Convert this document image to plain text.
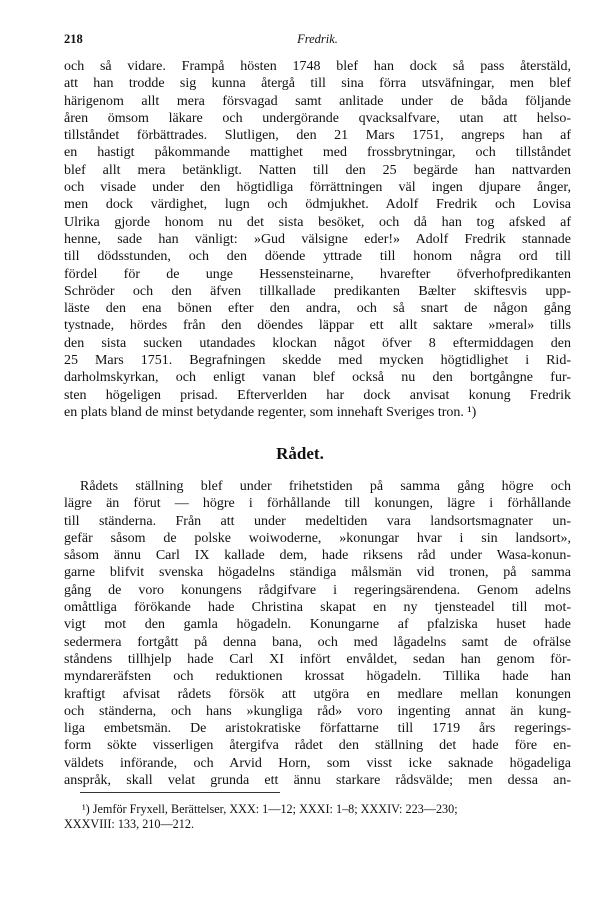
218	Fredrik.
och så vidare. Frampå hösten 1748 blef han dock så pass återstäld,
att han trodde sig kunna återgå till sina förra utsväfningar, men blef
härigenom allt mera försvagad samt anlitade under de båda följande
åren ömsom läkare och undergörande qvacksalfvare, utan att helso-
tillståndet förbättrades. Slutligen, den 21 Mars 1751, angreps han af
en hastigt påkommande mattighet med frossbrytningar, och tillståndet
blef allt mera betänkligt. Natten till den 25 begärde han nattvarden
och visade under den högtidliga förrättningen väl ingen djupare ånger,
men dock värdighet, lugn och ödmjukhet. Adolf Fredrik och Lovisa
Ulrika gjorde honom nu det sista besöket, och då han tog afsked af
henne, sade han vänligt: »Gud välsigne eder!» Adolf Fredrik stannade
till dödsstunden, och den döende yttrade till honom några ord till
fördel för de unge Hessensteinarne, hvarefter öfverhofpredikanten
Schröder och den äfven tillkallade predikanten Bælter skiftesvis upp-
läste den ena bönen efter den andra, och så snart de någon gång
tystnade, hördes från den döendes läppar ett allt saktare »meral» tills
den sista sucken utandades klockan något öfver 8 eftermiddagen den
25 Mars 1751. Begrafningen skedde med mycken högtidlighet i Rid-
darholmskyrkan, och enligt vanan blef också nu den bortgångne fur-
sten högeligen prisad. Efterverlden har dock anvisat konung Fredrik
en plats bland de minst betydande regenter, som innehaft Sveriges tron. ¹)
Rådet.
Rådets ställning blef under frihetstiden på samma gång högre och
lägre än förut — högre i förhållande till konungen, lägre i förhållande
till ständerna. Från att under medeltiden vara landsortsmagnater un-
gefär såsom de polske woiwoderne, »konungar hvar i sin landsort»,
såsom ännu Carl IX kallade dem, hade riksens råd under Wasa-konun-
garne blifvit svenska högadelns ständiga målsmän vid tronen, på samma
gång de voro konungens rådgifvare i regeringsärendena. Genom adelns
omåttliga förökande hade Christina skapat en ny tjensteadel till mot-
vigt mot den gamla högadeln. Konungarne af pfalziska huset hade
sedermera fortgått på denna bana, och med lågadelns samt de ofrälse
ståndens tillhjelp hade Carl XI infört envåldet, sedan han genom för-
myndareräfsten och reduktionen krossat högadeln. Tillika hade han
kraftigt afvisat rådets försök att utgöra en medlare mellan konungen
och ständerna, och hans »kungliga råd» voro ingenting annat än kung-
liga embetsmän. De aristokratiske författarne till 1719 års regerings-
form sökte visserligen återgifva rådet den ställning det hade före en-
väldets införande, och Arvid Horn, som visst icke saknade högadeliga
anspråk, skall velat grunda ett ännu starkare rådsvälde; men dessa an-
¹) Jemför Fryxell, Berättelser, XXX: 1—12; XXXI: 1–8; XXXIV: 223—230;
XXXVIII: 133, 210—212.
